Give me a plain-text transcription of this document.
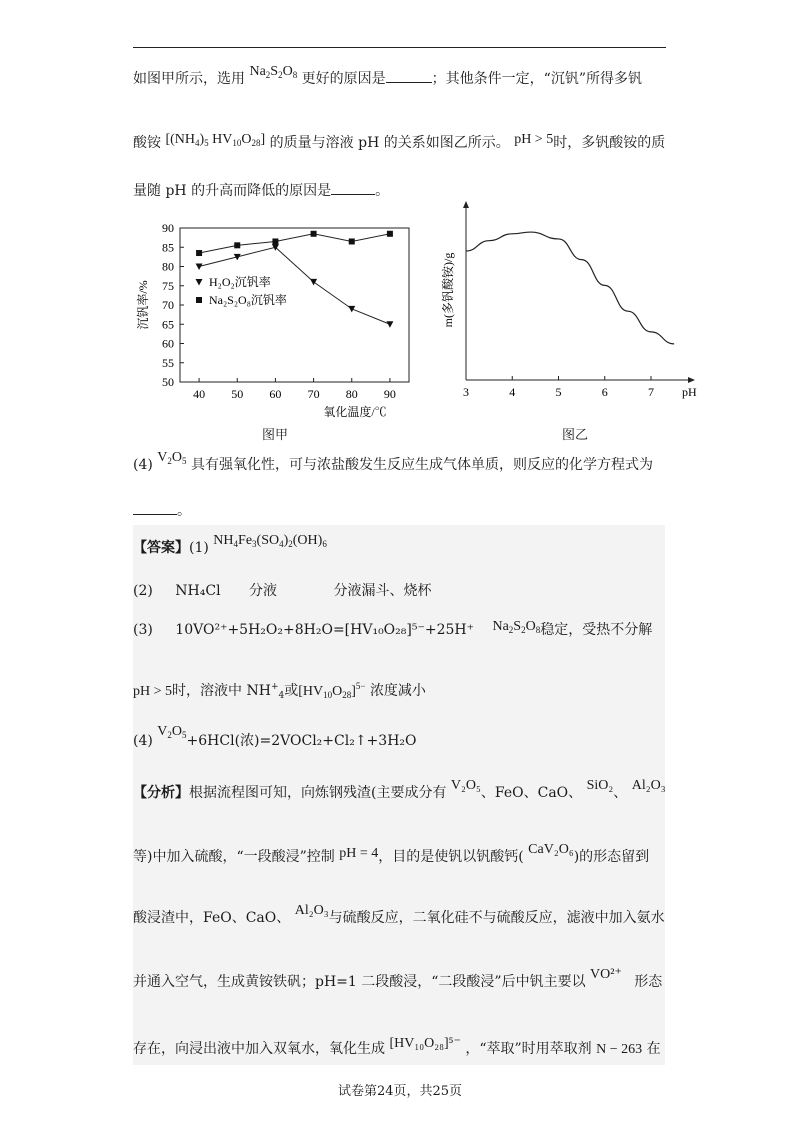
如图甲所示，选用 $Na_2S_2O_8$ 更好的原因是	；其他条件一定，“沉钒”所得多钒
酸铵 [$(NH_4)_5$ $HV_{10}O_{28}$] 的质量与溶液 pH 的关系如图乙所示。 pH > 5时，多钒酸铵的质
量随 pH 的升高而降低的原因是	。
50
55
60
65
70
75
80
85
90
40 50 60 70 80 90
氧化温度/℃
沉钒率/%	H₂O₂沉钒率
Na₂S₂O₈沉钒率
图甲
3	4	5	6	7 pH
m(多钒酸铵)/g
图乙
(4) $V_2O_5$ 具有强氧化性，可与浓盐酸发生反应生成气体单质，则反应的化学方程式为
。
【答案】(1) $NH_4Fe_3(SO_4)_2(OH)_6$
(2) NH₄Cl 分液	分液漏斗、烧杯
(3) 10VO²⁺+5H₂O₂+8H₂O=[HV₁₀O₂₈]⁵⁻+25H⁺ $Na_2S_2O_8$稳定，受热不分解
pH > 5时，溶液中 $NH^+_4$或$[HV_{10}O_{28}]^{5-}$ 浓度减小
(4) $V_2O_5+6HCl$(浓)=2VOCl₂+Cl₂↑+3H₂O
【分析】根据流程图可知，向炼钢残渣(主要成分有 V₂O₅、FeO、CaO、 SiO₂、 Al₂O₃
等)中加入硫酸，“一段酸浸”控制 pH = 4，目的是使钒以钒酸钙( CaV₂O₆)的形态留到
酸浸渣中，FeO、CaO、 Al₂O₃与硫酸反应，二氧化硅不与硫酸反应，滤液中加入氨水
并通入空气，生成黄铵铁矾；pH=1 二段酸浸，“二段酸浸”后中钒主要以 VO²⁺ 形态
存在，向浸出液中加入双氧水，氧化生成 [HV₁₀O₂₈]⁵⁻ ，“萃取”时用萃取剂 N − 263 在
试卷第24页，共25页
